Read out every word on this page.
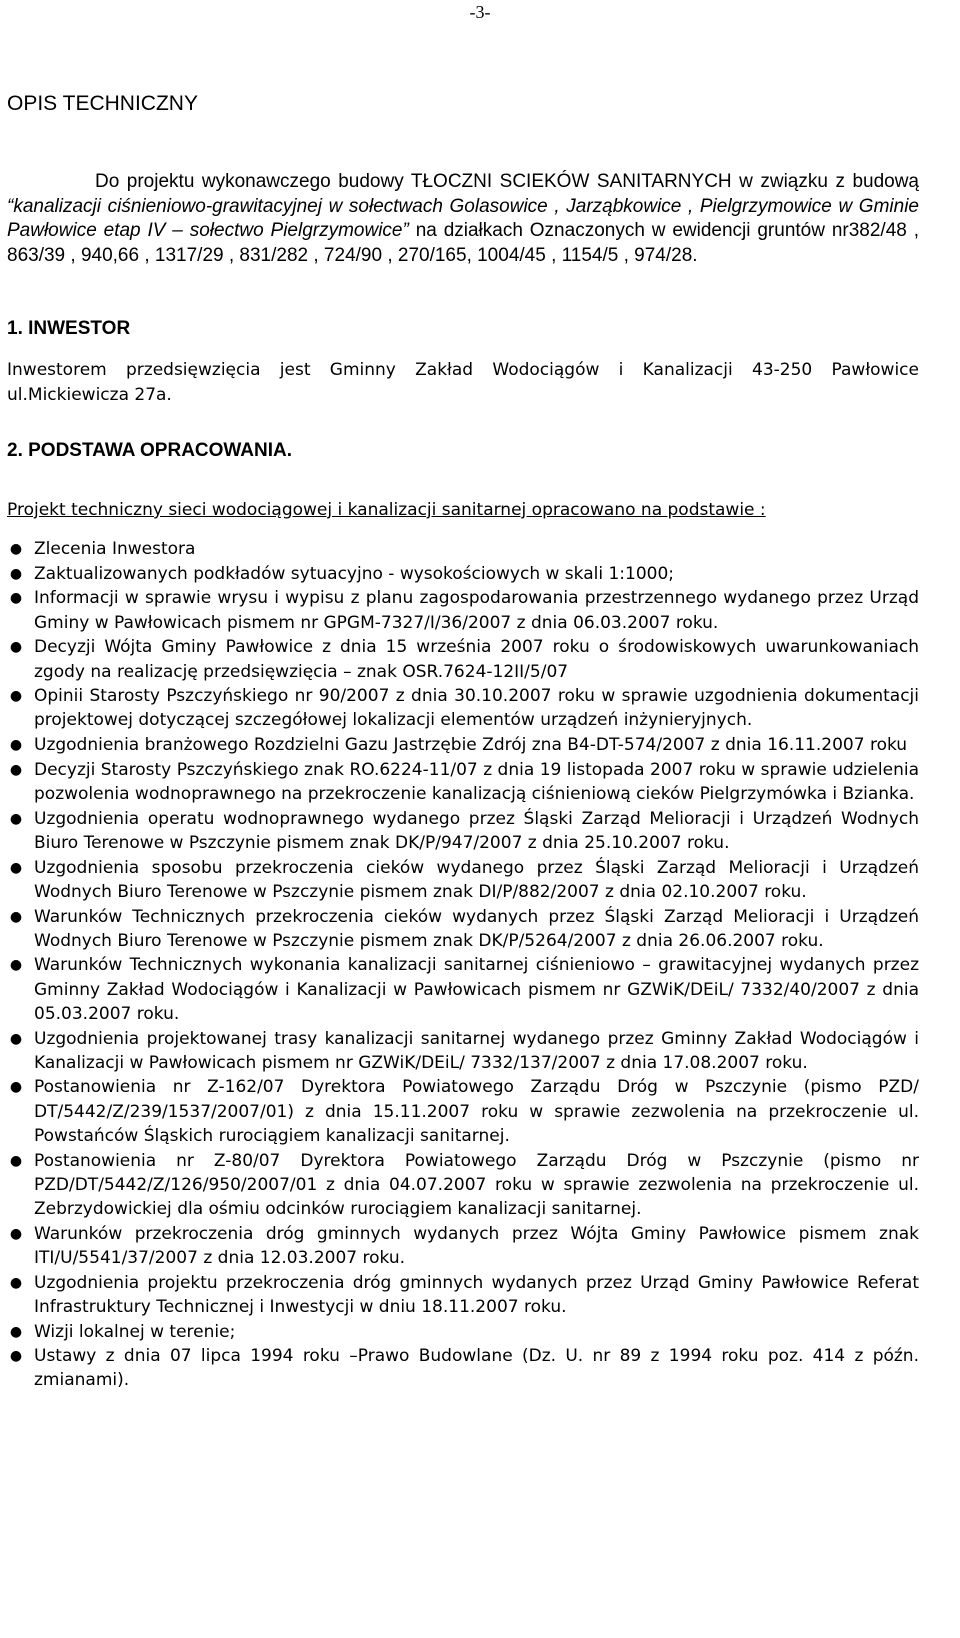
-3-
OPIS TECHNICZNY

Do projektu wykonawczego budowy TŁOCZNI SCIEKÓW SANITARNYCH w związku z budową “kanalizacji ciśnieniowo-grawitacyjnej w sołectwach Golasowice , Jarząbkowice , Pielgrzymowice w Gminie Pawłowice etap IV – sołectwo Pielgrzymowice” na działkach Oznaczonych w ewidencji gruntów nr382/48 , 863/39 , 940,66 , 1317/29 , 831/282 , 724/90 , 270/165, 1004/45 , 1154/5 , 974/28.

1. INWESTOR

Inwestorem przedsięwzięcia jest Gminny Zakład Wodociągów i Kanalizacji 43-250 Pawłowice ul.Mickiewicza 27a.

2. PODSTAWA OPRACOWANIA.

Projekt techniczny sieci wodociągowej i kanalizacji sanitarnej opracowano na podstawie :

● Zlecenia Inwestora
● Zaktualizowanych podkładów sytuacyjno - wysokościowych w skali 1:1000;
● Informacji w sprawie wrysu i wypisu z planu zagospodarowania przestrzennego wydanego przez Urząd Gminy w Pawłowicach pismem nr GPGM-7327/I/36/2007 z dnia 06.03.2007 roku.
● Decyzji Wójta Gminy Pawłowice z dnia 15 września 2007 roku o środowiskowych uwarunkowaniach zgody na realizację przedsięwzięcia – znak OSR.7624-12II/5/07
● Opinii Starosty Pszczyńskiego nr 90/2007 z dnia 30.10.2007 roku w sprawie uzgodnienia dokumentacji projektowej dotyczącej szczegółowej lokalizacji elementów urządzeń inżynieryjnych.
● Uzgodnienia branżowego Rozdzielni Gazu Jastrzębie Zdrój zna B4-DT-574/2007 z dnia 16.11.2007 roku
● Decyzji Starosty Pszczyńskiego znak RO.6224-11/07 z dnia 19 listopada 2007 roku w sprawie udzielenia pozwolenia wodnoprawnego na przekroczenie kanalizacją ciśnieniową cieków Pielgrzymówka i Bzianka.
● Uzgodnienia operatu wodnoprawnego wydanego przez Śląski Zarząd Melioracji i Urządzeń Wodnych Biuro Terenowe w Pszczynie pismem znak DK/P/947/2007 z dnia 25.10.2007 roku.
● Uzgodnienia sposobu przekroczenia cieków wydanego przez Śląski Zarząd Melioracji i Urządzeń Wodnych Biuro Terenowe w Pszczynie pismem znak DI/P/882/2007 z dnia 02.10.2007 roku.
● Warunków Technicznych przekroczenia cieków wydanych przez Śląski Zarząd Melioracji i Urządzeń Wodnych Biuro Terenowe w Pszczynie pismem znak DK/P/5264/2007 z dnia 26.06.2007 roku.
● Warunków Technicznych wykonania kanalizacji sanitarnej ciśnieniowo – grawitacyjnej wydanych przez Gminny Zakład Wodociągów i Kanalizacji w Pawłowicach pismem nr GZWiK/DEiL/ 7332/40/2007 z dnia 05.03.2007 roku.
● Uzgodnienia projektowanej trasy kanalizacji sanitarnej wydanego przez Gminny Zakład Wodociągów i Kanalizacji w Pawłowicach pismem nr GZWiK/DEiL/ 7332/137/2007 z dnia 17.08.2007 roku.
● Postanowienia nr Z-162/07 Dyrektora Powiatowego Zarządu Dróg w Pszczynie (pismo PZD/ DT/5442/Z/239/1537/2007/01) z dnia 15.11.2007 roku w sprawie zezwolenia na przekroczenie ul. Powstańców Śląskich rurociągiem kanalizacji sanitarnej.
● Postanowienia nr Z-80/07 Dyrektora Powiatowego Zarządu Dróg w Pszczynie (pismo nr PZD/DT/5442/Z/126/950/2007/01 z dnia 04.07.2007 roku w sprawie zezwolenia na przekroczenie ul. Zebrzydowickiej dla ośmiu odcinków rurociągiem kanalizacji sanitarnej.
● Warunków przekroczenia dróg gminnych wydanych przez Wójta Gminy Pawłowice pismem znak ITI/U/5541/37/2007 z dnia 12.03.2007 roku.
● Uzgodnienia projektu przekroczenia dróg gminnych wydanych przez Urząd Gminy Pawłowice Referat Infrastruktury Technicznej i Inwestycji w dniu 18.11.2007 roku.
● Wizji lokalnej w terenie;
● Ustawy z dnia 07 lipca 1994 roku –Prawo Budowlane (Dz. U. nr 89 z 1994 roku poz. 414 z późn. zmianami).
